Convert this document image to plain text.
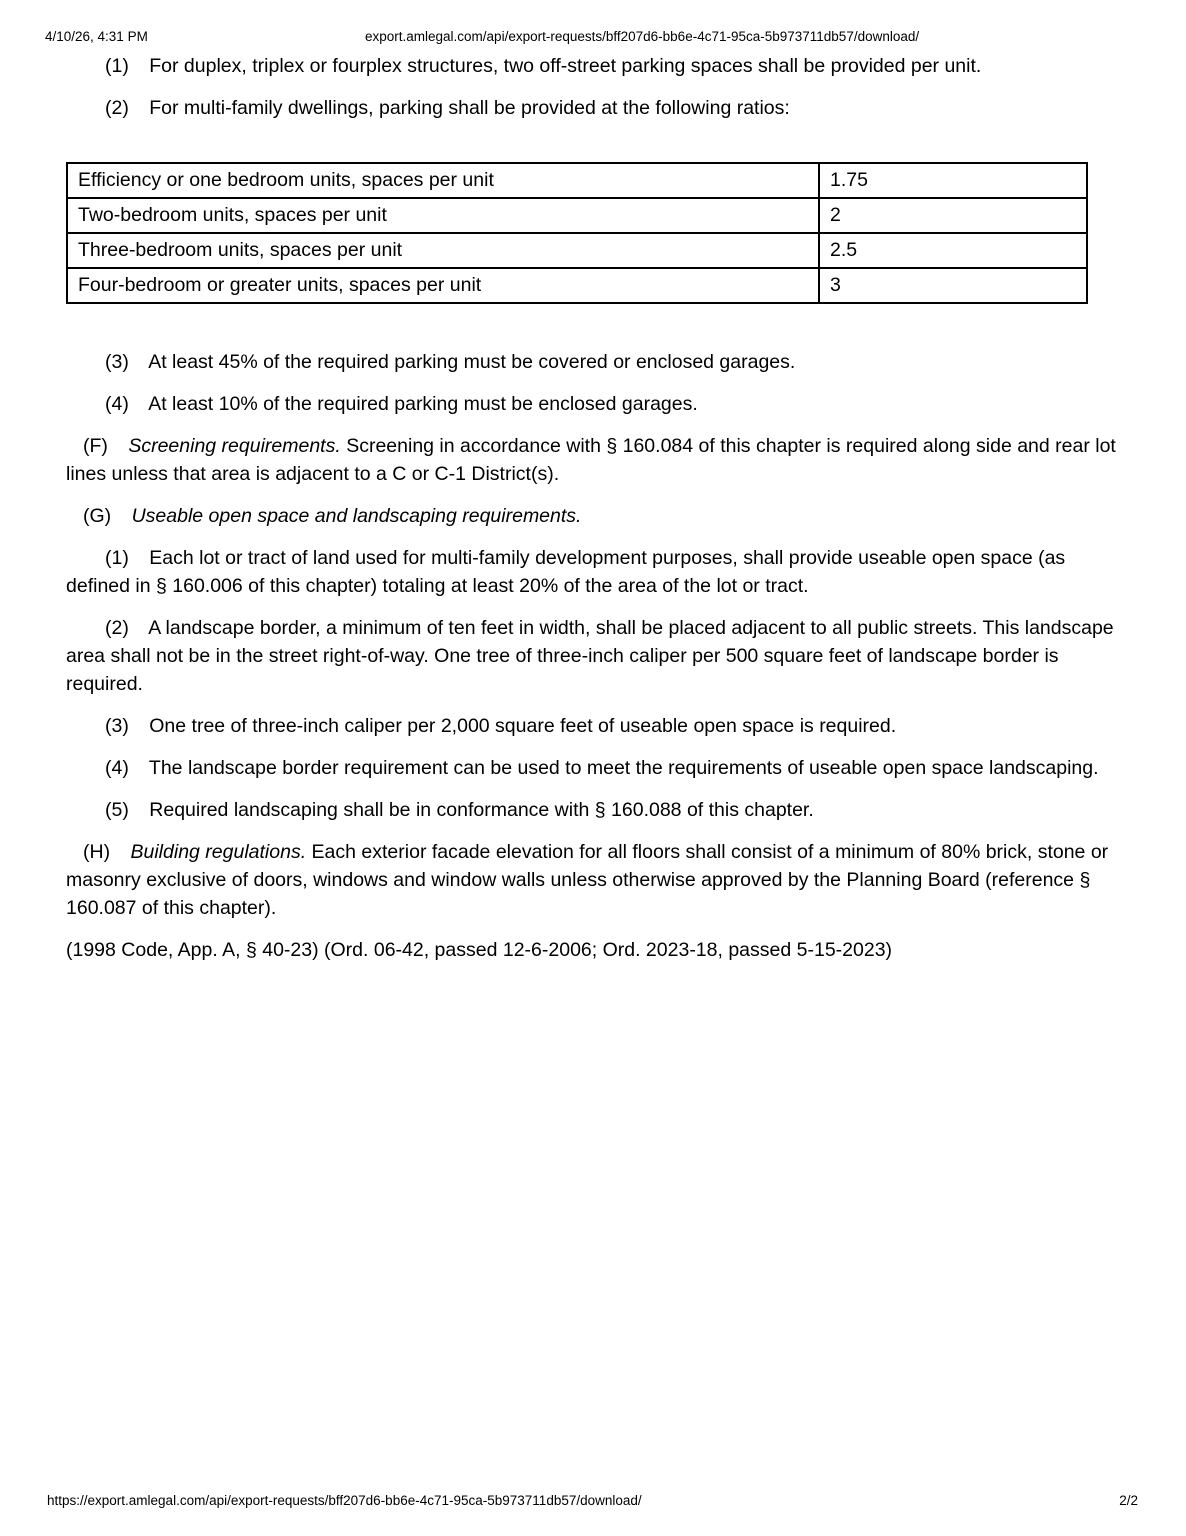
4/10/26, 4:31 PM	export.amlegal.com/api/export-requests/bff207d6-bb6e-4c71-95ca-5b973711db57/download/

(1) For duplex, triplex or fourplex structures, two off-street parking spaces shall be provided per unit.

(2) For multi-family dwellings, parking shall be provided at the following ratios:

Efficiency or one bedroom units, spaces per unit	1.75
Two-bedroom units, spaces per unit	2
Three-bedroom units, spaces per unit	2.5
Four-bedroom or greater units, spaces per unit	3

(3) At least 45% of the required parking must be covered or enclosed garages.

(4) At least 10% of the required parking must be enclosed garages.

(F) Screening requirements. Screening in accordance with § 160.084 of this chapter is required along side and rear lot lines unless that area is adjacent to a C or C-1 District(s).

(G) Useable open space and landscaping requirements.

(1) Each lot or tract of land used for multi-family development purposes, shall provide useable open space (as defined in § 160.006 of this chapter) totaling at least 20% of the area of the lot or tract.

(2) A landscape border, a minimum of ten feet in width, shall be placed adjacent to all public streets. This landscape area shall not be in the street right-of-way. One tree of three-inch caliper per 500 square feet of landscape border is required.

(3) One tree of three-inch caliper per 2,000 square feet of useable open space is required.

(4) The landscape border requirement can be used to meet the requirements of useable open space landscaping.

(5) Required landscaping shall be in conformance with § 160.088 of this chapter.

(H) Building regulations. Each exterior facade elevation for all floors shall consist of a minimum of 80% brick, stone or masonry exclusive of doors, windows and window walls unless otherwise approved by the Planning Board (reference § 160.087 of this chapter).

(1998 Code, App. A, § 40-23) (Ord. 06-42, passed 12-6-2006; Ord. 2023-18, passed 5-15-2023)

https://export.amlegal.com/api/export-requests/bff207d6-bb6e-4c71-95ca-5b973711db57/download/	2/2
